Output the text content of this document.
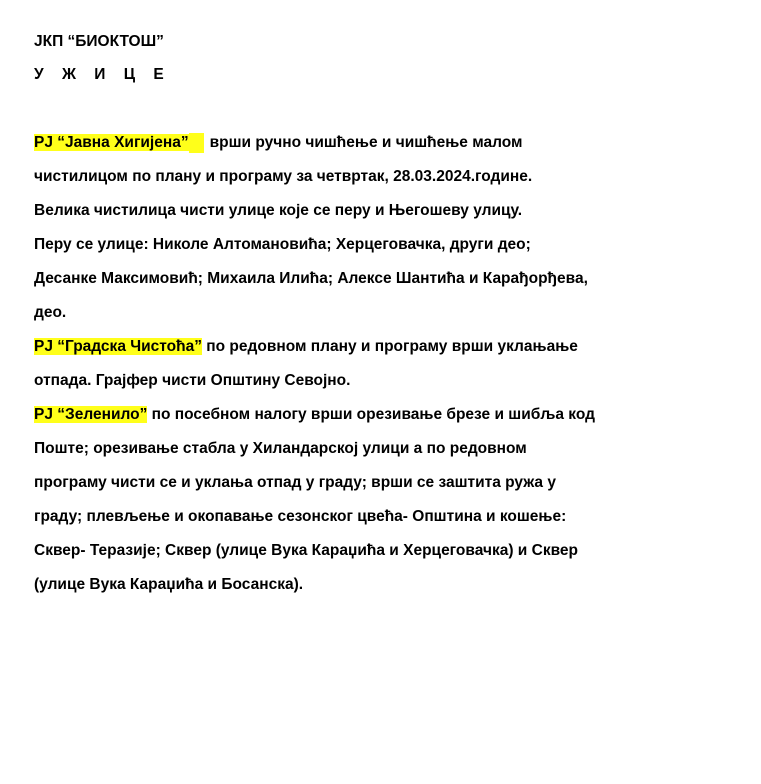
ЈКП “БИОКТОШ”
У Ж И Ц Е
РЈ “Јавна Хигијена” врши ручно чишћење и чишћење малом
чистилицом по плану и програму за четвртак, 28.03.2024.године.
Велика чистилица чисти улице које се перу и Његошеву улицу.
Перу се улице: Николе Алтомановића; Херцеговачка, други део;
Десанке Максимовић; Михаила Илића; Алексе Шантића и Карађорђева,
део.
РЈ “Градска Чистоћа” по редовном плану и програму врши уклањање
отпада. Грајфер чисти Општину Севојно.
РЈ “Зеленило” по посебном налогу врши орезивање брезе и шибља код
Поште; орезивање стабла у Хиландарској улици а по редовном
програму чисти се и уклања отпад у граду; врши се заштита ружа у
граду; плевљење и окопавање сезонског цвећа- Општина и кошење:
Сквер- Теразије; Сквер (улице Вука Караџића и Херцеговачка) и Сквер
(улице Вука Караџића и Босанска).
